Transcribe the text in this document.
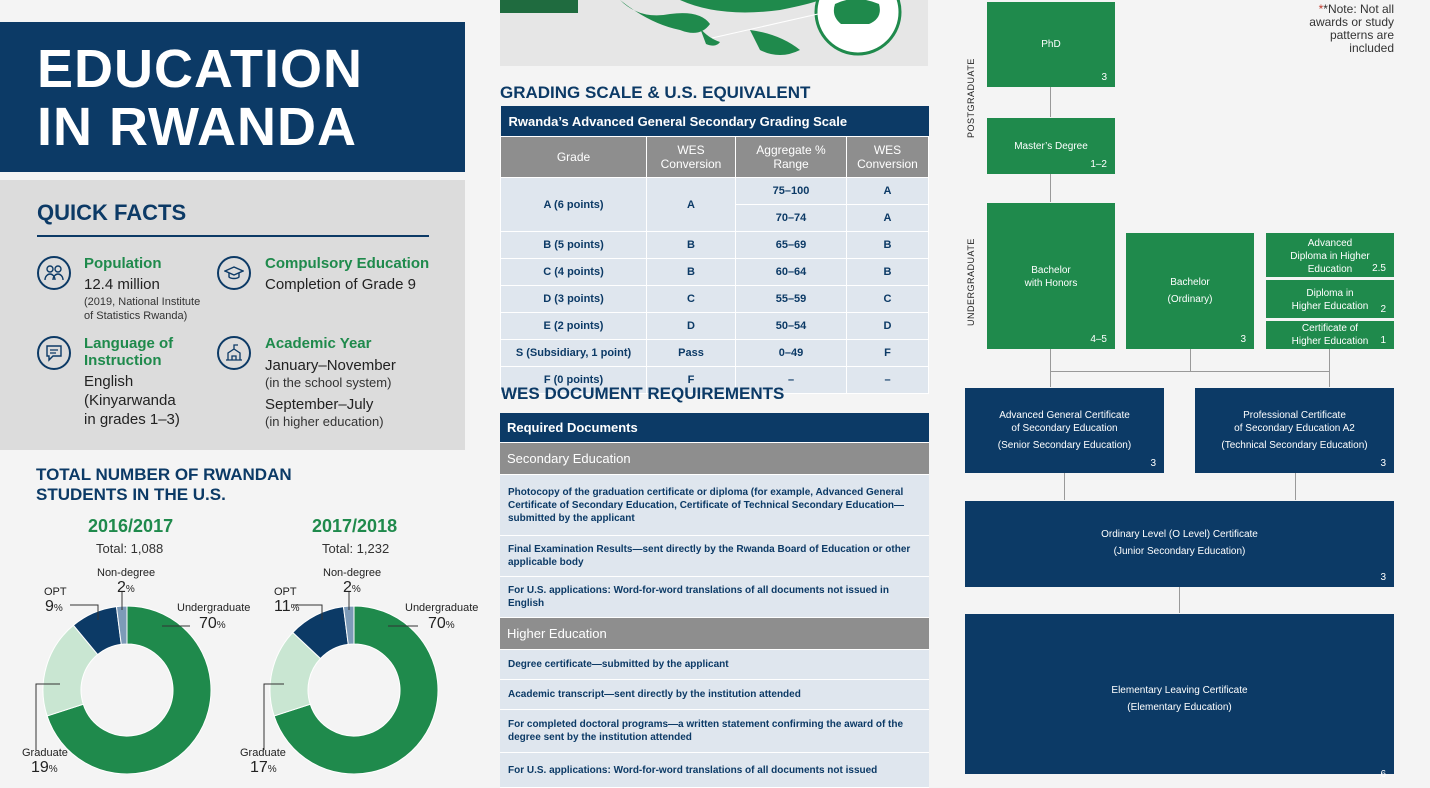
EDUCATION
IN RWANDA
QUICK FACTS
Population
12.4 million
(2019, National Institute
of Statistics Rwanda)
Compulsory Education
Completion of Grade 9
Language of
Instruction
English
(Kinyarwanda
in grades 1–3)
Academic Year
January–November
(in the school system)
September–July
(in higher education)
TOTAL NUMBER OF RWANDAN
STUDENTS IN THE U.S.
2016/2017
Total: 1,088
2017/2018
Total: 1,232
OPT
9%
Non-degree
2%
Undergraduate
70%
Graduate
19%
OPT
11%
Non-degree
2%
Undergraduate
70%
Graduate
17%
GRADING SCALE & U.S. EQUIVALENT
Rwanda’s Advanced General Secondary Grading Scale			
Grade	WES Conversion	Aggregate % Range	WES Conversion
A (6 points)	A	75–100	A
		70–74	A
B (5 points)	B	65–69	B
C (4 points)	B	60–64	B
D (3 points)	C	55–59	C
E (2 points)	D	50–54	D
S (Subsidiary, 1 point)	Pass	0–49	F
F (0 points)	F	–	–
WES DOCUMENT REQUIREMENTS
Required Documents
Secondary Education
Photocopy of the graduation certificate or diploma (for example, Advanced General Certificate of Secondary Education, Certificate of Technical Secondary Education—submitted by the applicant
Final Examination Results—sent directly by the Rwanda Board of Education or other applicable body
For U.S. applications: Word-for-word translations of all documents not issued in English
Higher Education
Degree certificate—submitted by the applicant
Academic transcript—sent directly by the institution attended
For completed doctoral programs—a written statement confirming the award of the degree sent by the institution attended
For U.S. applications: Word-for-word translations of all documents not issued
**Note: Not all
awards or study
patterns are
included
POSTGRADUATE
UNDERGRADUATE
PhD
3
Master’s Degree
1–2
Bachelor
with Honors
4–5
Bachelor
(Ordinary)
3
Advanced
Diploma in Higher
Education	2.5
Diploma in
Higher Education	2
Certificate of
Higher Education	1
Advanced General Certificate
of Secondary Education
(Senior Secondary Education)
3
Professional Certificate
of Secondary Education A2
(Technical Secondary Education)
3
Ordinary Level (O Level) Certificate
(Junior Secondary Education)
3
Elementary Leaving Certificate
(Elementary Education)
6
